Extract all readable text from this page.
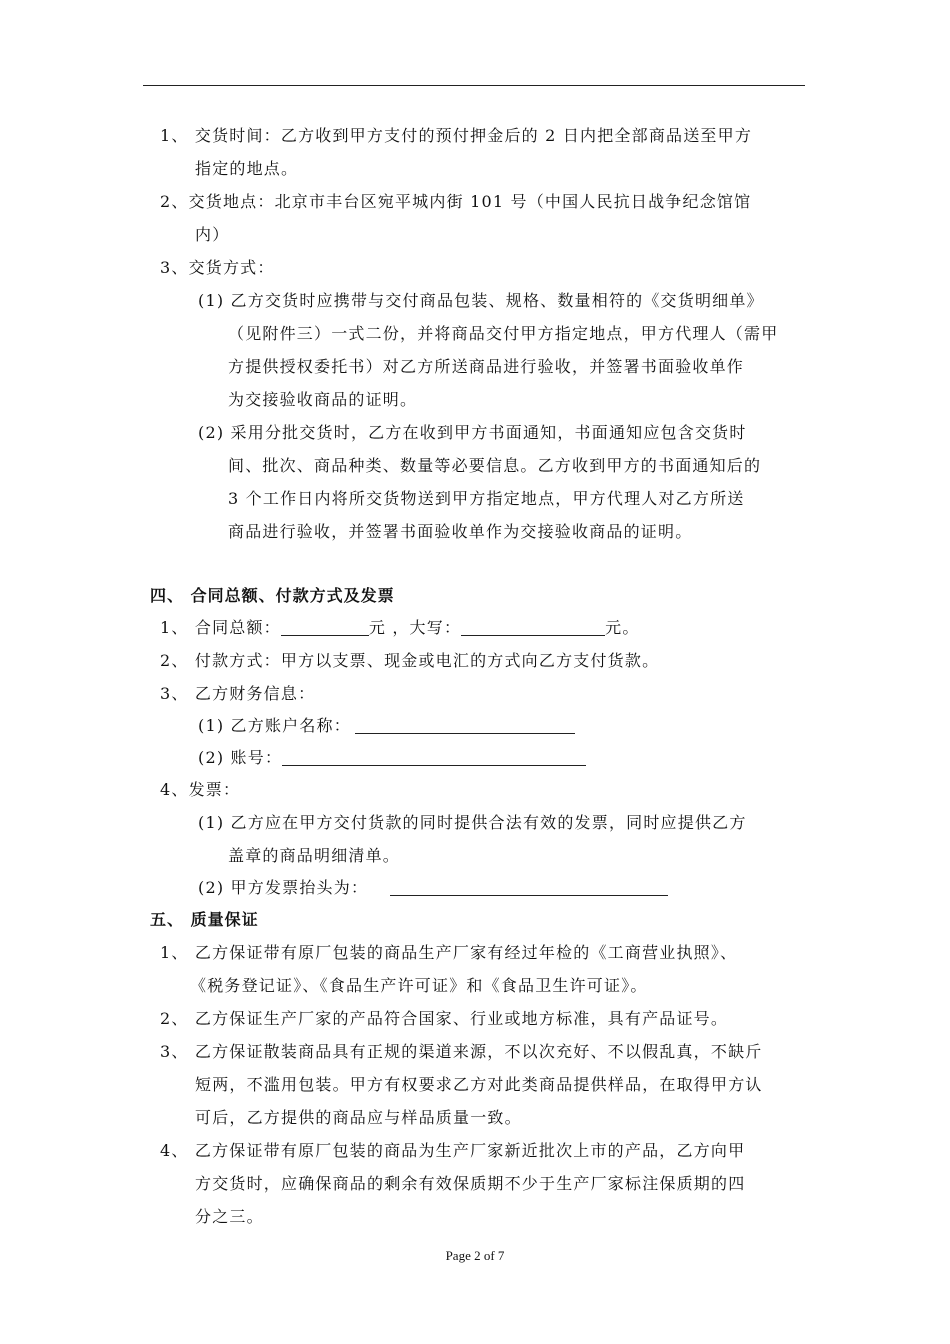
1、 交货时间：乙方收到甲方支付的预付押金后的 2 日内把全部商品送至甲方
指定的地点。
2、交货地点：北京市丰台区宛平城内街 101 号（中国人民抗日战争纪念馆馆
内）
3、交货方式：
(1) 乙方交货时应携带与交付商品包装、规格、数量相符的《交货明细单》
（见附件三）一式二份，并将商品交付甲方指定地点，甲方代理人（需甲
方提供授权委托书）对乙方所送商品进行验收，并签署书面验收单作
为交接验收商品的证明。
(2) 采用分批交货时，乙方在收到甲方书面通知，书面通知应包含交货时
间、批次、商品种类、数量等必要信息。乙方收到甲方的书面通知后的
3 个工作日内将所交货物送到甲方指定地点，甲方代理人对乙方所送
商品进行验收，并签署书面验收单作为交接验收商品的证明。
四、 合同总额、付款方式及发票
1、 合同总额：	元 ，大写：	元。
2、 付款方式：甲方以支票、现金或电汇的方式向乙方支付货款。
3、 乙方财务信息：
(1) 乙方账户名称：
(2) 账号：
4、发票：
(1) 乙方应在甲方交付货款的同时提供合法有效的发票，同时应提供乙方
盖章的商品明细清单。
(2) 甲方发票抬头为：
五、 质量保证
1、 乙方保证带有原厂包装的商品生产厂家有经过年检的《工商营业执照》、
《税务登记证》、《食品生产许可证》和《食品卫生许可证》。
2、 乙方保证生产厂家的产品符合国家、行业或地方标准，具有产品证号。
3、 乙方保证散装商品具有正规的渠道来源，不以次充好、不以假乱真，不缺斤
短两，不滥用包装。甲方有权要求乙方对此类商品提供样品，在取得甲方认
可后，乙方提供的商品应与样品质量一致。
4、 乙方保证带有原厂包装的商品为生产厂家新近批次上市的产品，乙方向甲
方交货时，应确保商品的剩余有效保质期不少于生产厂家标注保质期的四
分之三。
Page 2 of 7
